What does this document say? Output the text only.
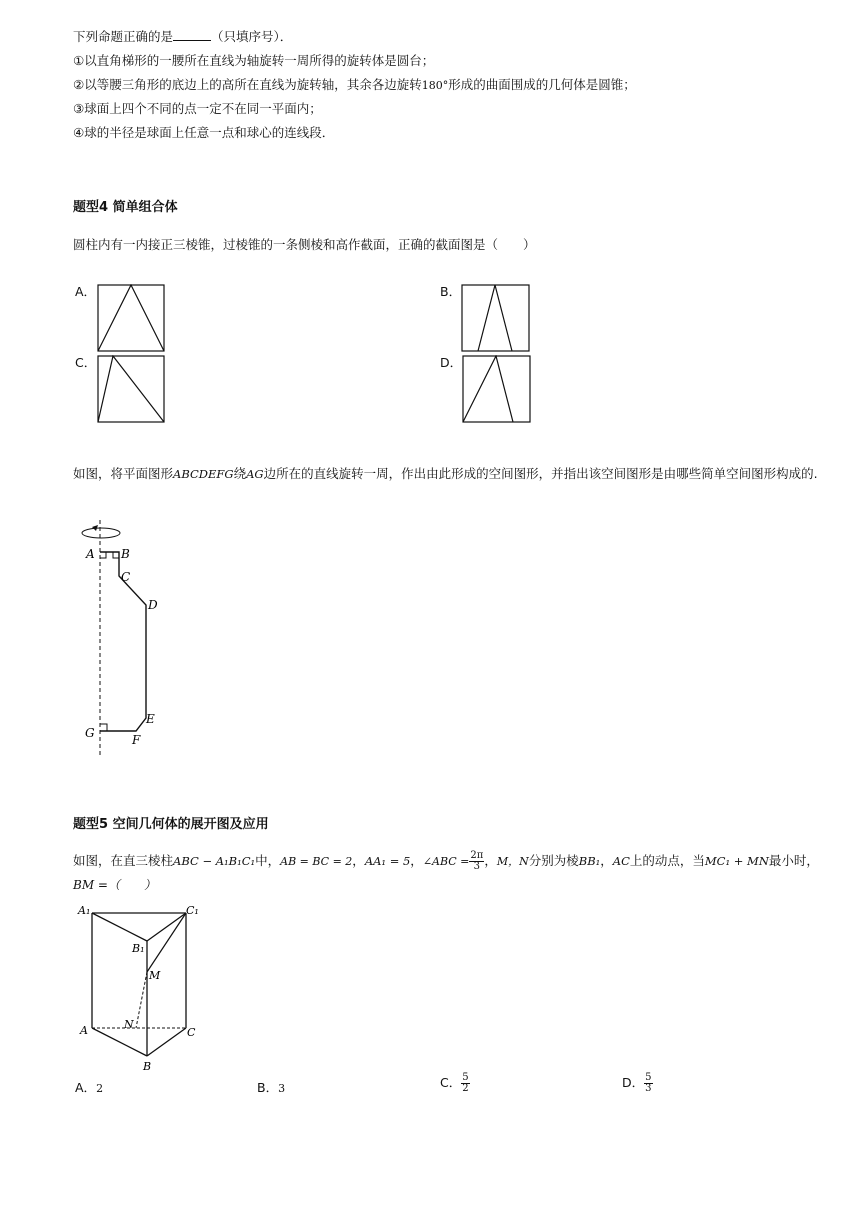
下列命题正确的是	（只填序号）．
①以直角梯形的一腰所在直线为轴旋转一周所得的旋转体是圆台；
②以等腰三角形的底边上的高所在直线为旋转轴，其余各边旋转180°形成的曲面围成的几何体是圆锥；
③球面上四个不同的点一定不在同一平面内；
④球的半径是球面上任意一点和球心的连线段．
题型4 简单组合体
圆柱内有一内接正三棱锥，过棱锥的一条侧棱和高作截面，正确的截面图是（　　）
A．	B．
C．	D．
如图，将平面图形ABCDEFG绕AG边所在的直线旋转一周，作出由此形成的空间图形，并指出该空间图形是由哪些简单空间图形构成的.
A B
C
D
E
F
G
题型5 空间几何体的展开图及应用
如图，在直三棱柱ABC − A₁B₁C₁中，AB = BC = 2，AA₁ = 5，∠ABC = $\frac{2\pi}{3}$ ，M，N分别为棱BB₁，AC上的动点，当MC₁ + MN最小时，
BM =（　　）
A₁	C₁
B₁
M
A	N
C
B
A．2	B．3	C． $\frac{5}{2}$	D． $\frac{5}{3}$
